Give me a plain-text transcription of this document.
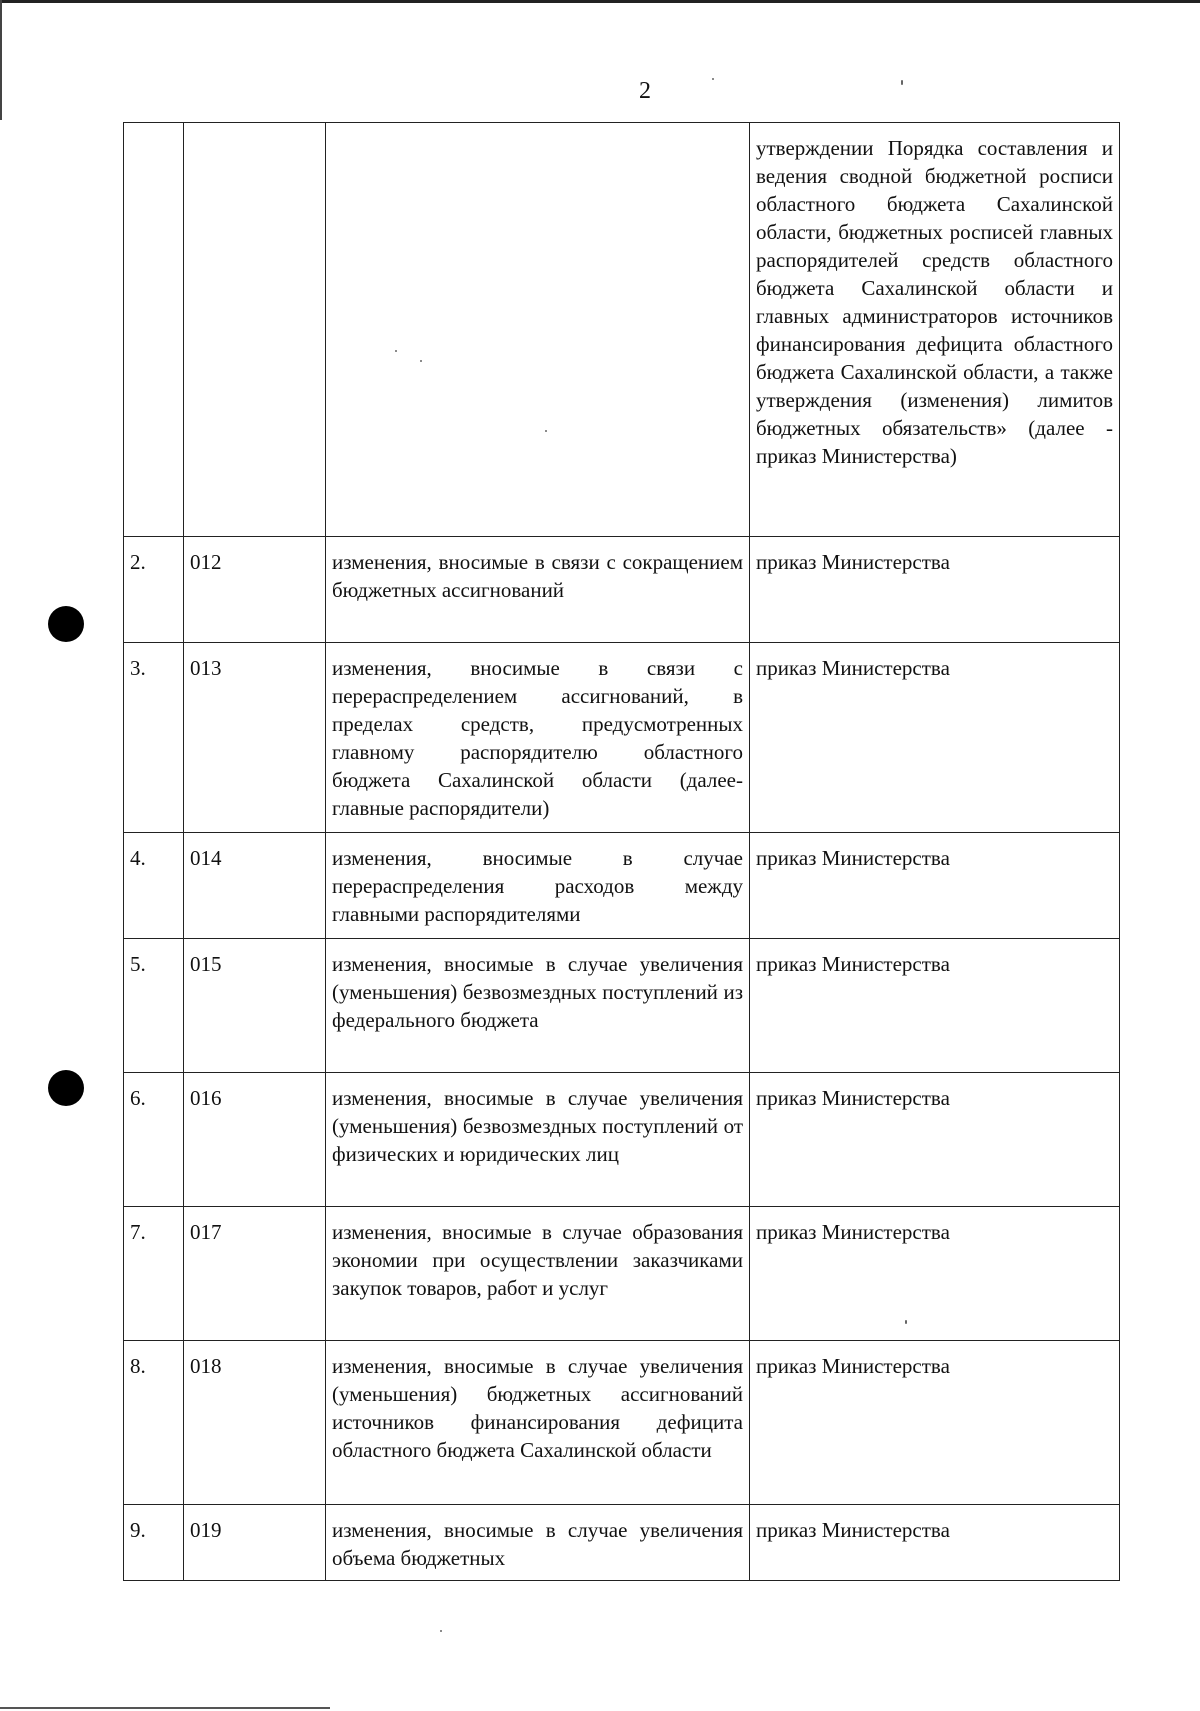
2
			утверждении Порядка составления и ведения сводной бюджетной росписи областного бюджета Сахалинской области, бюджетных росписей главных распорядителей средств областного бюджета Сахалинской области и главных администраторов источников финансирования дефицита областного бюджета Сахалинской области, а также утверждения (изменения) лимитов бюджетных обязательств» (далее - приказ Министерства)
2.	012	изменения, вносимые в связи с сокращением бюджетных ассигнований	приказ Министерства
3.	013	изменения, вносимые в связи с перераспределением ассигнований, в пределах средств, предусмотренных главному распорядителю областного бюджета Сахалинской области (далее-главные распорядители)	приказ Министерства
4.	014	изменения, вносимые в случае перераспределения расходов между главными распорядителями	приказ Министерства
5.	015	изменения, вносимые в случае увеличения (уменьшения) безвозмездных поступлений из федерального бюджета	приказ Министерства
6.	016	изменения, вносимые в случае увеличения (уменьшения) безвозмездных поступлений от физических и юридических лиц	приказ Министерства
7.	017	изменения, вносимые в случае образования экономии при осуществлении заказчиками закупок товаров, работ и услуг	приказ Министерства
8.	018	изменения, вносимые в случае увеличения (уменьшения) бюджетных ассигнований источников финансирования дефицита областного бюджета Сахалинской области	приказ Министерства
9.	019	изменения, вносимые в случае увеличения объема бюджетных	приказ Министерства
